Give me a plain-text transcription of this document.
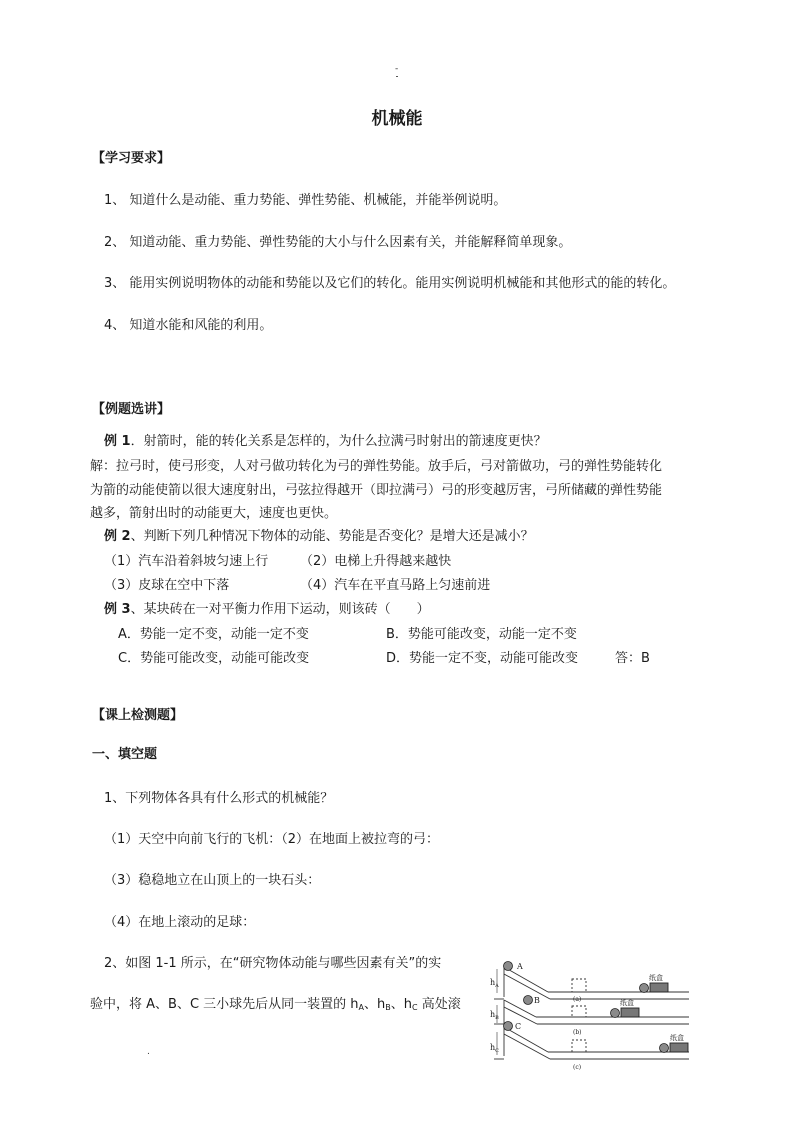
-
机械能
【学习要求】
1、 知道什么是动能、重力势能、弹性势能、机械能，并能举例说明。
2、 知道动能、重力势能、弹性势能的大小与什么因素有关，并能解释简单现象。
3、 能用实例说明物体的动能和势能以及它们的转化。能用实例说明机械能和其他形式的能的转化。
4、 知道水能和风能的利用。
【例题选讲】
例 1．射箭时，能的转化关系是怎样的，为什么拉满弓时射出的箭速度更快？
解：拉弓时，使弓形变，人对弓做功转化为弓的弹性势能。放手后，弓对箭做功，弓的弹性势能转化
为箭的动能使箭以很大速度射出，弓弦拉得越开（即拉满弓）弓的形变越厉害，弓所储藏的弹性势能
越多，箭射出时的动能更大，速度也更快。
例 2、判断下列几种情况下物体的动能、势能是否变化？是增大还是减小？
（1）汽车沿着斜坡匀速上行 （2）电梯上升得越来越快
（3）皮球在空中下落	（4）汽车在平直马路上匀速前进
例 3、某块砖在一对平衡力作用下运动，则该砖（　　）
A．势能一定不变，动能一定不变	B．势能可能改变，动能一定不变
C．势能可能改变，动能可能改变	D．势能一定不变，动能可能改变	答：B
【课上检测题】
一、填空题
1、下列物体各具有什么形式的机械能？
（1）天空中向前飞行的飞机：（2）在地面上被拉弯的弓：
（3）稳稳地立在山顶上的一块石头：
（4）在地上滚动的足球：
2、如图 1-1 所示，在“研究物体动能与哪些因素有关”的实
验中，将 A、B、C 三小球先后从同一装置的 $h_A$、$h_B$、$h_C$ 高处滚
.
A
B
C
$h_A$
$h_B$
$h_C$
纸盒
纸盒
纸盒
(a)
(b)
(c)
